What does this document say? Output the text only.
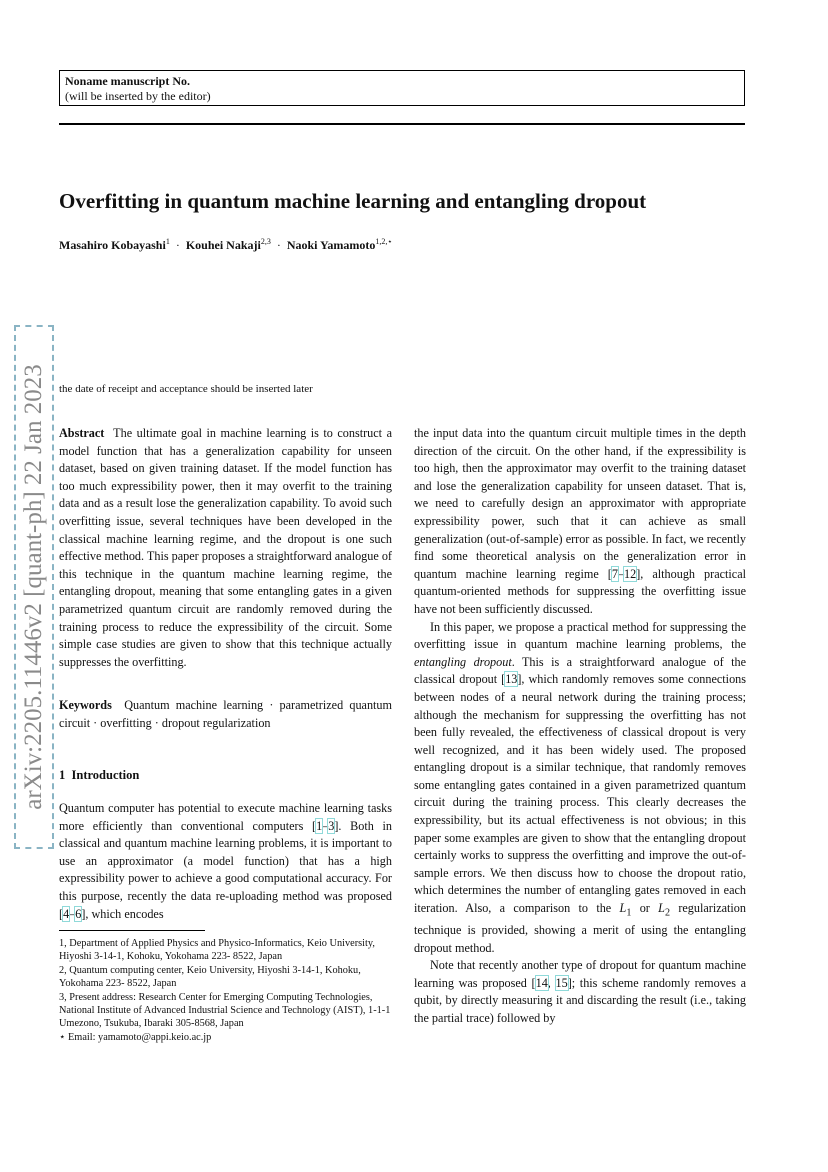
Noname manuscript No.
(will be inserted by the editor)
Overfitting in quantum machine learning and entangling dropout
Masahiro Kobayashi$^1$ · Kouhei Nakaji$^{2,3}$ · Naoki Yamamoto$^{1,2,⋆}$
arXiv:2205.11446v2 [quant-ph] 22 Jan 2023 the date of receipt and acceptance should be inserted later

Abstract The ultimate goal in machine learning is to construct a model function that has a generalization capability for unseen dataset, based on given training dataset. If the model function has too much expressibility power, then it may overfit to the training data and as a result lose the generalization capability. To avoid such overfitting issue, several techniques have been developed in the classical machine learning regime, and the dropout is one such effective method. This paper proposes a straightforward analogue of this technique in the quantum machine learning regime, the entangling dropout, meaning that some entangling gates in a given parametrized quantum circuit are randomly removed during the training process to reduce the expressibility of the circuit. Some simple case studies are given to show that this technique actually suppresses the overfitting.

Keywords Quantum machine learning · parametrized quantum circuit · overfitting · dropout regularization

1 Introduction

Quantum computer has potential to execute machine learning tasks more efficiently than conventional computers [1–3]. Both in classical and quantum machine learning problems, it is important to use an approximator (a model function) that has a high expressibility power to achieve a good computational accuracy. For this purpose, recently the data re-uploading method was proposed [4–6], which encodes

1, Department of Applied Physics and Physico-Informatics, Keio University, Hiyoshi 3-14-1, Kohoku, Yokohama 223- 8522, Japan
2, Quantum computing center, Keio University, Hiyoshi 3-14-1, Kohoku, Yokohama 223- 8522, Japan
3, Present address: Research Center for Emerging Computing Technologies, National Institute of Advanced Industrial Science and Technology (AIST), 1-1-1 Umezono, Tsukuba, Ibaraki 305-8568, Japan
⋆ Email: yamamoto@appi.keio.ac.jp

the input data into the quantum circuit multiple times in the depth direction of the circuit. On the other hand, if the expressibility is too high, then the approximator may overfit to the training dataset and lose the generalization capability for unseen dataset. That is, we need to carefully design an approximator with appropriate expressibility power, such that it can achieve as small generalization (out-of-sample) error as possible. In fact, we recently find some theoretical analysis on the generalization error in quantum machine learning regime [7–12], although practical quantum-oriented methods for suppressing the overfitting issue have not been sufficiently discussed.

In this paper, we propose a practical method for suppressing the overfitting issue in quantum machine learning problems, the entangling dropout. This is a straightforward analogue of the classical dropout [13], which randomly removes some connections between nodes of a neural network during the training process; although the mechanism for suppressing the overfitting has not been fully revealed, the effectiveness of classical dropout is very well recognized, and it has been widely used. The proposed entangling dropout is a similar technique, that randomly removes some entangling gates contained in a given parametrized quantum circuit during the training process. This clearly decreases the expressibility, but its actual effectiveness is not obvious; in this paper some examples are given to show that the entangling dropout certainly works to suppress the overfitting and improve the out-of-sample errors. We then discuss how to choose the dropout ratio, which determines the number of entangling gates removed in each iteration. Also, a comparison to the $L_1$ or $L_2$ regularization technique is provided, showing a merit of using the entangling dropout method.

Note that recently another type of dropout for quantum machine learning was proposed [14, 15]; this scheme randomly removes a qubit, by directly measuring it and discarding the result (i.e., taking the partial trace) followed by
